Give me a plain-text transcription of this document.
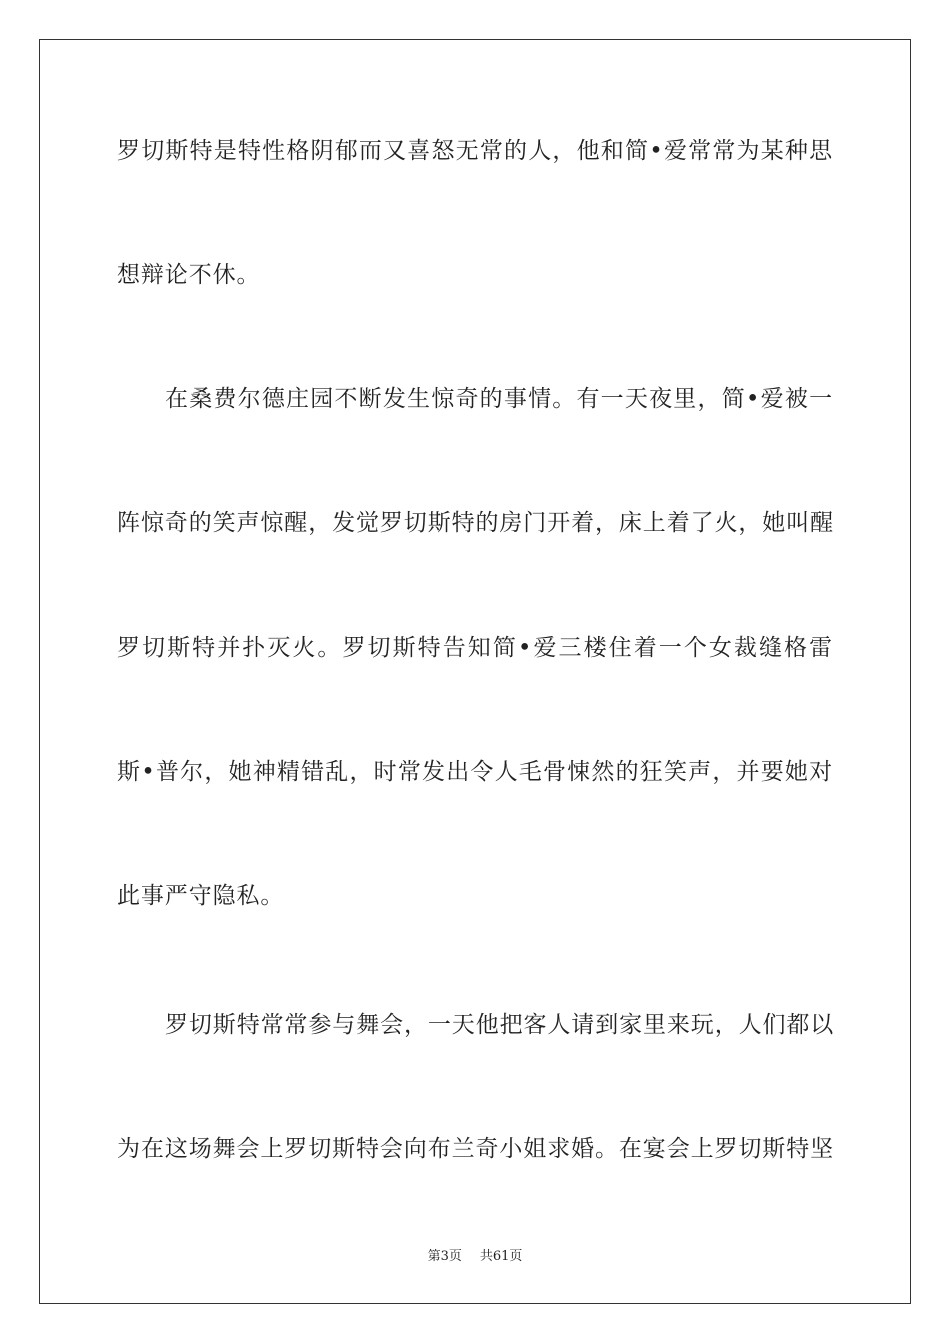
罗切斯特是特性格阴郁而又喜怒无常的人，他和简•爱常常为某种思
想辩论不休。
在桑费尔德庄园不断发生惊奇的事情。有一天夜里，简•爱被一
阵惊奇的笑声惊醒，发觉罗切斯特的房门开着，床上着了火，她叫醒
罗切斯特并扑灭火。罗切斯特告知简•爱三楼住着一个女裁缝格雷
斯•普尔，她神精错乱，时常发出令人毛骨悚然的狂笑声，并要她对
此事严守隐私。
罗切斯特常常参与舞会，一天他把客人请到家里来玩，人们都以
为在这场舞会上罗切斯特会向布兰奇小姐求婚。在宴会上罗切斯特坚
第3页 共61页
